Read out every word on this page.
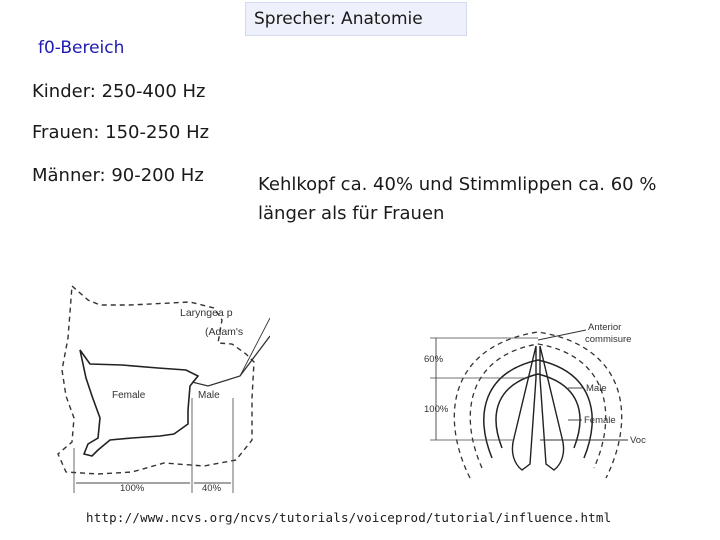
Sprecher: Anatomie
f0-Bereich
Kinder: 250-400 Hz
Frauen: 150-250 Hz
Männer: 90-200 Hz	Kehlkopf ca. 40% und Stimmlippen ca. 60 % länger als für Frauen
Laryngea p
(Adam's
Female	Male
100%	40%
Anterior
commisure
Male
Female
Voc
60%
100%
http://www.ncvs.org/ncvs/tutorials/voiceprod/tutorial/influence.html
